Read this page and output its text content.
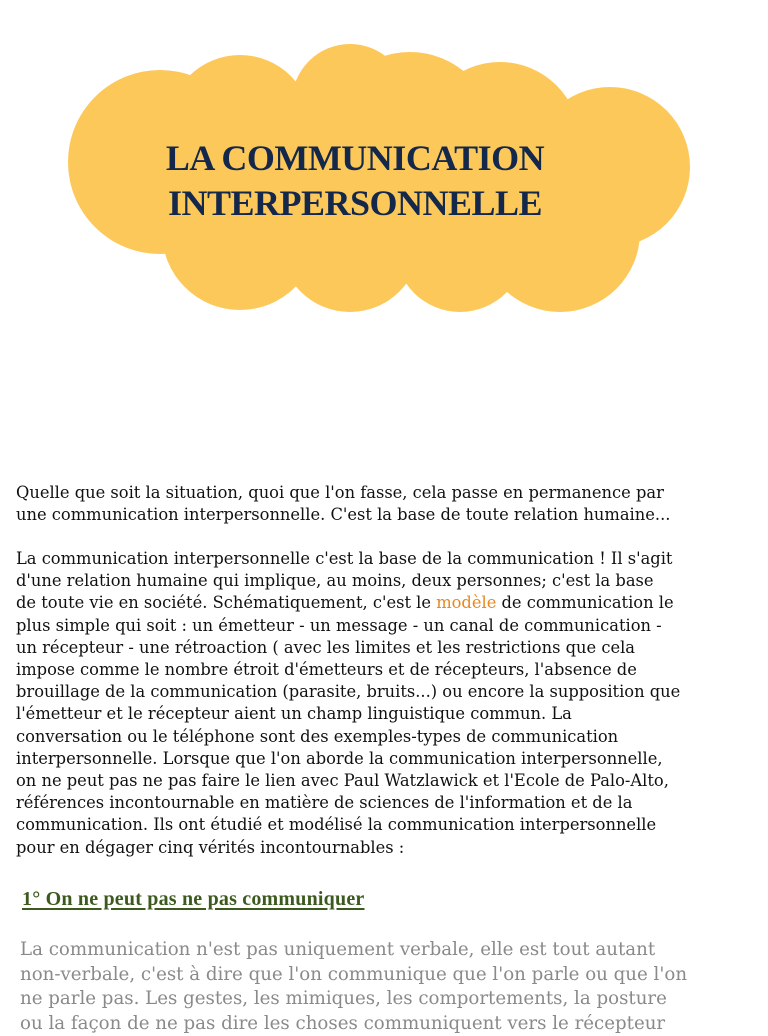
LA COMMUNICATION
INTERPERSONNELLE
Quelle que soit la situation, quoi que l'on fasse, cela passe en permanence par
une communication interpersonnelle. C'est la base de toute relation humaine...
La communication interpersonnelle c'est la base de la communication ! Il s'agit
d'une relation humaine qui implique, au moins, deux personnes; c'est la base
de toute vie en société. Schématiquement, c'est le modèle de communication le
plus simple qui soit : un émetteur - un message - un canal de communication -
un récepteur - une rétroaction ( avec les limites et les restrictions que cela
impose comme le nombre étroit d'émetteurs et de récepteurs, l'absence de
brouillage de la communication (parasite, bruits...) ou encore la supposition que
l'émetteur et le récepteur aient un champ linguistique commun. La
conversation ou le téléphone sont des exemples-types de communication
interpersonnelle. Lorsque que l'on aborde la communication interpersonnelle,
on ne peut pas ne pas faire le lien avec Paul Watzlawick et l'Ecole de Palo-Alto,
références incontournable en matière de sciences de l'information et de la
communication. Ils ont étudié et modélisé la communication interpersonnelle
pour en dégager cinq vérités incontournables :
1° On ne peut pas ne pas communiquer
La communication n'est pas uniquement verbale, elle est tout autant
non-verbale, c'est à dire que l'on communique que l'on parle ou que l'on
ne parle pas. Les gestes, les mimiques, les comportements, la posture
ou la façon de ne pas dire les choses communiquent vers le récepteur
